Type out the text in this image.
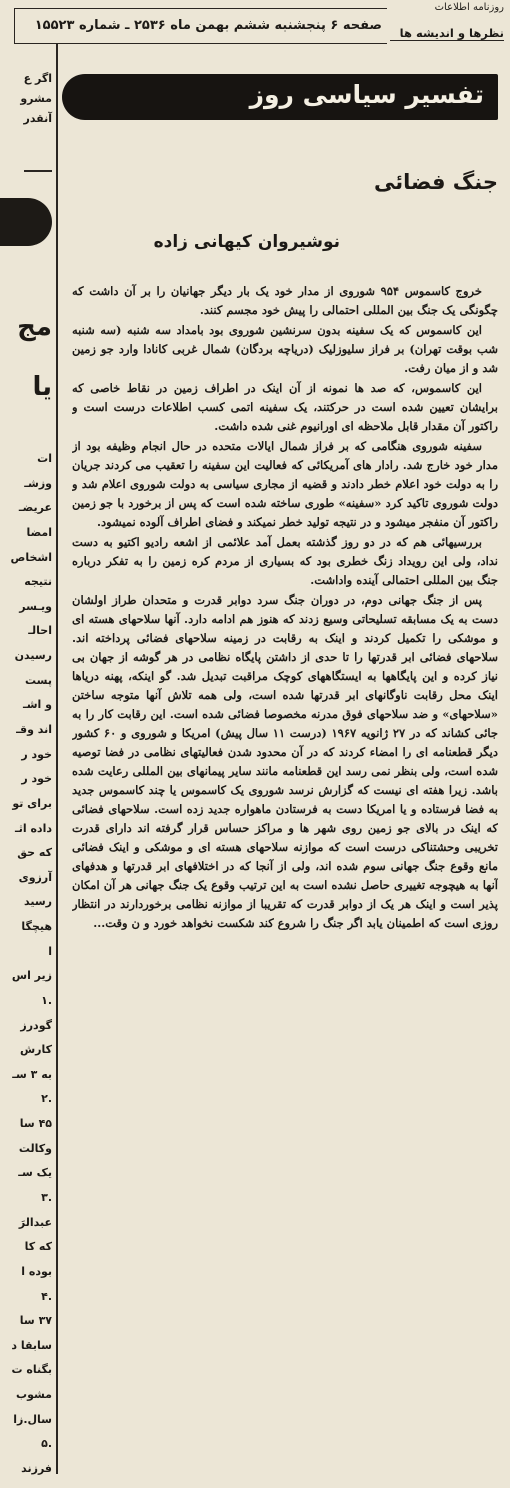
صفحه ۶ پنجشنبه ششم بهمن ماه ۲۵۳۶ ـ شماره ۱۵۵۲۳
روزنامه اطلاعات
نظرها و اندیشه ها
اگر ع
مشرو
آنقدر
مج
یا
ات
وزشـ
عریضـ
امضا
اشخاص
نتیجه
ویـسر
احالـ
رسیدن
پست
و اشـ
اند وقـ
خود ر
خود ر
برای تو
داده اثـ
که حق
آرزوی
رسید
هیچگا
ا
زیر اس
.۱
گودرز
کارش
به ۳ سـ
.۲
۴۵ سا
وکالت
یک سـ
.۳
عبدالرَ
که کا
بوده ا
.۴
۳۷ سا
سابقا د
بگناه ت
مشوب
سال.زا
.۵
فرزند
تفسیر سیاسی روز
جنگ فضائی
نوشیروان کیهانی زاده

خروج کاسموس ۹۵۴ شوروی از مدار خود یک بار دیگر جهانیان را بر آن داشت که چگونگی یک جنگ بین المللی احتمالی را پیش خود مجسم کنند.

این کاسموس که یک سفینه بدون سرنشین شوروی بود بامداد سه شنبه (سه شنبه شب بوقت تهران) بر فراز سلیوزلیک (دریاچه بردگان) شمال غربی کانادا وارد جو زمین شد و از میان رفت.

این کاسموس، که صد ها نمونه از آن اینک در اطراف زمین در نقاط خاصی که برایشان تعیین شده است در حرکتند، یک سفینه اتمی کسب اطلاعات درست است و راکتور آن مقدار قابل ملاحظه ای اورانیوم غنی شده داشت.

سفینه شوروی هنگامی که بر فراز شمال ایالات متحده در حال انجام وظیفه بود از مدار خود خارج شد. رادار های آمریکائی که فعالیت این سفینه را تعقیب می کردند جریان را به دولت خود اعلام خطر دادند و قضیه از مجاری سیاسی به دولت شوروی اعلام شد و دولت شوروی تاکید کرد «سفینه» طوری ساخته شده است که پس از برخورد با جو زمین راکتور آن منفجر میشود و در نتیجه تولید خطر نمیکند و فضای اطراف آلوده نمیشود.

بررسیهائی هم که در دو روز گذشته بعمل آمد علائمی از اشعه رادیو اکتیو به دست نداد، ولی این رویداد زنگ خطری بود که بسیاری از مردم کره زمین را به تفکر درباره جنگ بین المللی احتمالی آینده واداشت.

پس از جنگ جهانی دوم، در دوران جنگ سرد دوابر قدرت و متحدان طراز اولشان دست به یک مسابقه تسلیحاتی وسیع زدند که هنوز هم ادامه دارد. آنها سلاحهای هسته ای و موشکی را تکمیل کردند و اینک به رقابت در زمینه سلاحهای فضائی پرداخته اند. سلاحهای فضائی ابر قدرتها را تا حدی از داشتن پایگاه نظامی در هر گوشه از جهان بی نیاز کرده و این پایگاهها به ایستگاههای کوچک مراقبت تبدیل شد. گو اینکه، پهنه دریاها اینک محل رقابت ناوگانهای ابر قدرتها شده است، ولی همه تلاش آنها متوجه ساختن «سلاحهای» و ضد سلاحهای فوق مدرنه مخصوصا فضائی شده است. این رقابت کار را به جائی کشاند که در ۲۷ ژانویه ۱۹۶۷ (درست ۱۱ سال پیش) امریکا و شوروی و ۶۰ کشور دیگر قطعنامه ای را امضاء کردند که در آن محدود شدن فعالیتهای نظامی در فضا توصیه شده است، ولی بنظر نمی رسد این قطعنامه مانند سایر پیمانهای بین المللی رعایت شده باشد. زیرا هفته ای نیست که گزارش نرسد شوروی یک کاسموس یا چند کاسموس جدید به فضا فرستاده و یا امریکا دست به فرستادن ماهواره جدید زده است. سلاحهای فضائی که اینک در بالای جو زمین روی شهر ها و مراکز حساس قرار گرفته اند دارای قدرت تخریبی وحشتناکی درست است که موازنه سلاحهای هسته ای و موشکی و اینک فضائی مانع وقوع جنگ جهانی سوم شده اند، ولی از آنجا که در اختلافهای ابر قدرتها و هدفهای آنها به هیچوجه تغییری حاصل نشده است به این ترتیب وقوع یک جنگ جهانی هر آن امکان پذیر است و اینک هر یک از دوابر قدرت که تقریبا از موازنه نظامی برخوردارند در انتظار روزی است که اطمینان یابد اگر جنگ را شروع کند شکست نخواهد خورد و ن وقت...
